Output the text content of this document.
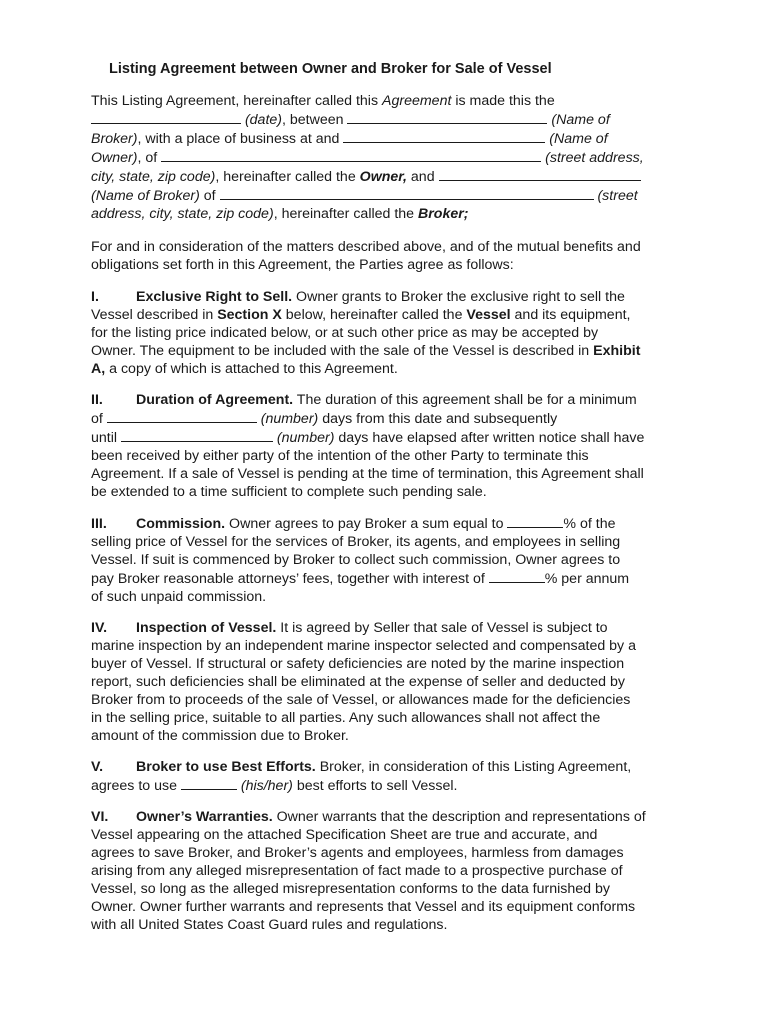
Listing Agreement between Owner and Broker for Sale of Vessel

This Listing Agreement, hereinafter called this Agreement is made this the
(date), between	(Name of
Broker), with a place of business at and	(Name of
Owner), of	(street address,
city, state, zip code), hereinafter called the Owner, and
(Name of Broker) of	(street
address, city, state, zip code), hereinafter called the Broker;

For and in consideration of the matters described above, and of the mutual benefits and
obligations set forth in this Agreement, the Parties agree as follows:

I.	Exclusive Right to Sell. Owner grants to Broker the exclusive right to sell the
Vessel described in Section X below, hereinafter called the Vessel and its equipment,
for the listing price indicated below, or at such other price as may be accepted by
Owner. The equipment to be included with the sale of the Vessel is described in Exhibit
A, a copy of which is attached to this Agreement.

II. Duration of Agreement. The duration of this agreement shall be for a minimum
of	(number) days from this date and subsequently
until	(number) days have elapsed after written notice shall have
been received by either party of the intention of the other Party to terminate this
Agreement. If a sale of Vessel is pending at the time of termination, this Agreement shall
be extended to a time sufficient to complete such pending sale.

III. Commission. Owner agrees to pay Broker a sum equal to	% of the
selling price of Vessel for the services of Broker, its agents, and employees in selling
Vessel. If suit is commenced by Broker to collect such commission, Owner agrees to
pay Broker reasonable attorneys’ fees, together with interest of	% per annum
of such unpaid commission.

IV. Inspection of Vessel. It is agreed by Seller that sale of Vessel is subject to
marine inspection by an independent marine inspector selected and compensated by a
buyer of Vessel. If structural or safety deficiencies are noted by the marine inspection
report, such deficiencies shall be eliminated at the expense of seller and deducted by
Broker from to proceeds of the sale of Vessel, or allowances made for the deficiencies
in the selling price, suitable to all parties. Any such allowances shall not affect the
amount of the commission due to Broker.

V. Broker to use Best Efforts. Broker, in consideration of this Listing Agreement,
agrees to use	(his/her) best efforts to sell Vessel.

VI. Owner’s Warranties. Owner warrants that the description and representations of
Vessel appearing on the attached Specification Sheet are true and accurate, and
agrees to save Broker, and Broker’s agents and employees, harmless from damages
arising from any alleged misrepresentation of fact made to a prospective purchase of
Vessel, so long as the alleged misrepresentation conforms to the data furnished by
Owner. Owner further warrants and represents that Vessel and its equipment conforms
with all United States Coast Guard rules and regulations.
